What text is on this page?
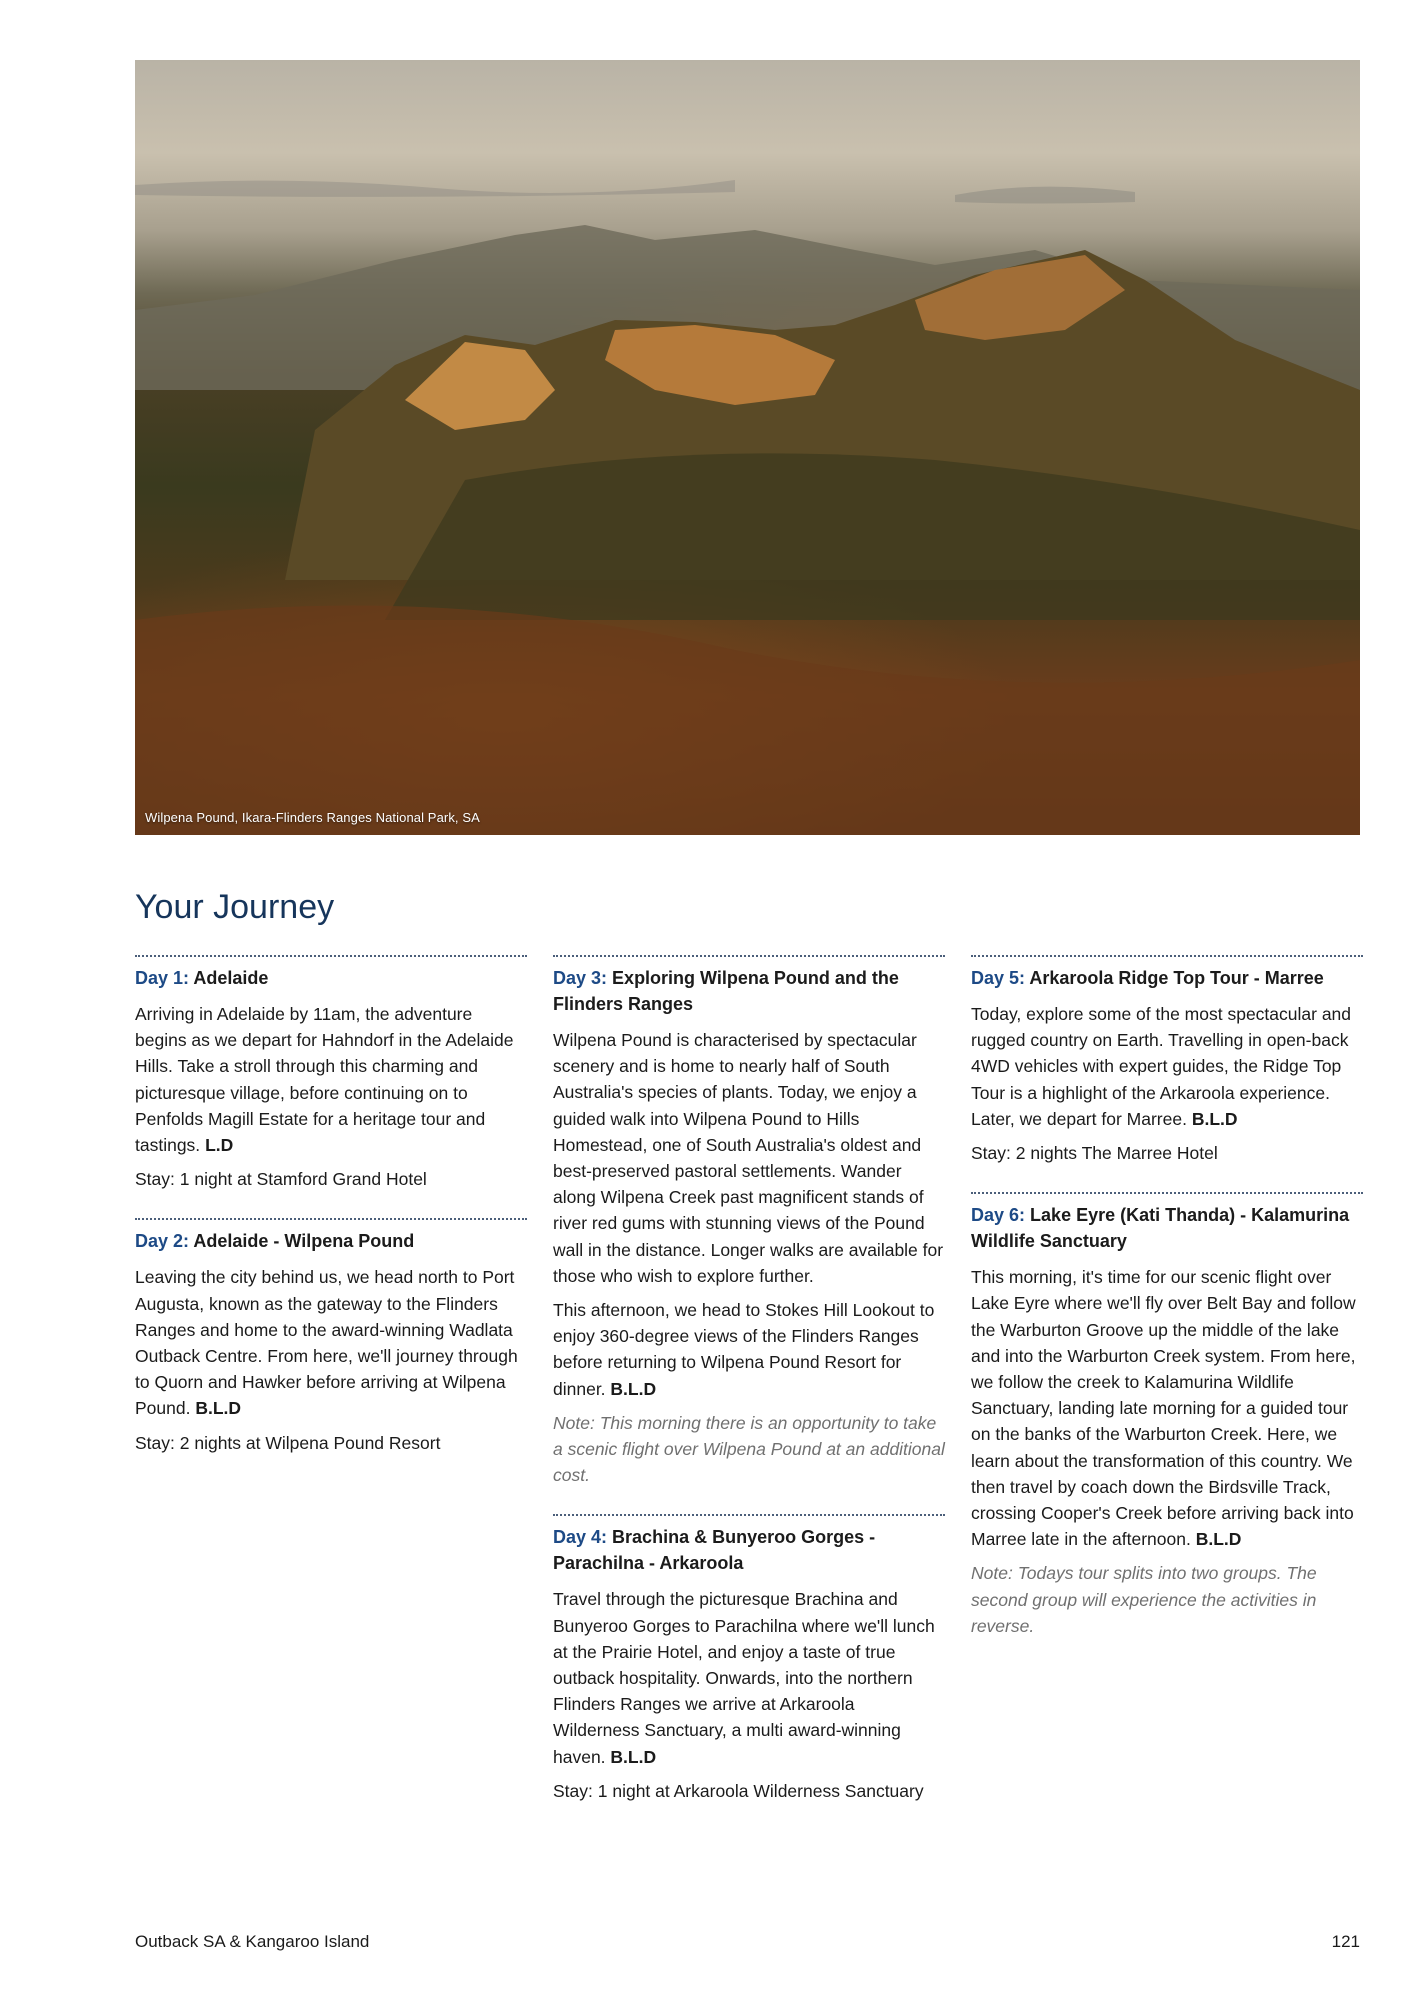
Wilpena Pound, Ikara-Flinders Ranges National Park, SA
Your Journey
Day 1: Adelaide

Arriving in Adelaide by 11am, the adventure begins as we depart for Hahndorf in the Adelaide Hills. Take a stroll through this charming and picturesque village, before continuing on to Penfolds Magill Estate for a heritage tour and tastings. L.D

Stay: 1 night at Stamford Grand Hotel

Day 2: Adelaide - Wilpena Pound

Leaving the city behind us, we head north to Port Augusta, known as the gateway to the Flinders Ranges and home to the award-winning Wadlata Outback Centre. From here, we'll journey through to Quorn and Hawker before arriving at Wilpena Pound. B.L.D

Stay: 2 nights at Wilpena Pound Resort

Day 3: Exploring Wilpena Pound and the Flinders Ranges

Wilpena Pound is characterised by spectacular scenery and is home to nearly half of South Australia's species of plants. Today, we enjoy a guided walk into Wilpena Pound to Hills Homestead, one of South Australia's oldest and best-preserved pastoral settlements. Wander along Wilpena Creek past magnificent stands of river red gums with stunning views of the Pound wall in the distance. Longer walks are available for those who wish to explore further.

This afternoon, we head to Stokes Hill Lookout to enjoy 360-degree views of the Flinders Ranges before returning to Wilpena Pound Resort for dinner. B.L.D

Note: This morning there is an opportunity to take a scenic flight over Wilpena Pound at an additional cost.

Day 4: Brachina & Bunyeroo Gorges - Parachilna - Arkaroola

Travel through the picturesque Brachina and Bunyeroo Gorges to Parachilna where we'll lunch at the Prairie Hotel, and enjoy a taste of true outback hospitality. Onwards, into the northern Flinders Ranges we arrive at Arkaroola Wilderness Sanctuary, a multi award-winning haven. B.L.D

Stay: 1 night at Arkaroola Wilderness Sanctuary

Day 5: Arkaroola Ridge Top Tour - Marree

Today, explore some of the most spectacular and rugged country on Earth. Travelling in open-back 4WD vehicles with expert guides, the Ridge Top Tour is a highlight of the Arkaroola experience. Later, we depart for Marree. B.L.D

Stay: 2 nights The Marree Hotel

Day 6: Lake Eyre (Kati Thanda) - Kalamurina Wildlife Sanctuary

This morning, it's time for our scenic flight over Lake Eyre where we'll fly over Belt Bay and follow the Warburton Groove up the middle of the lake and into the Warburton Creek system. From here, we follow the creek to Kalamurina Wildlife Sanctuary, landing late morning for a guided tour on the banks of the Warburton Creek. Here, we learn about the transformation of this country. We then travel by coach down the Birdsville Track, crossing Cooper's Creek before arriving back into Marree late in the afternoon. B.L.D

Note: Todays tour splits into two groups. The second group will experience the activities in reverse.

Outback SA & Kangaroo Island	121
